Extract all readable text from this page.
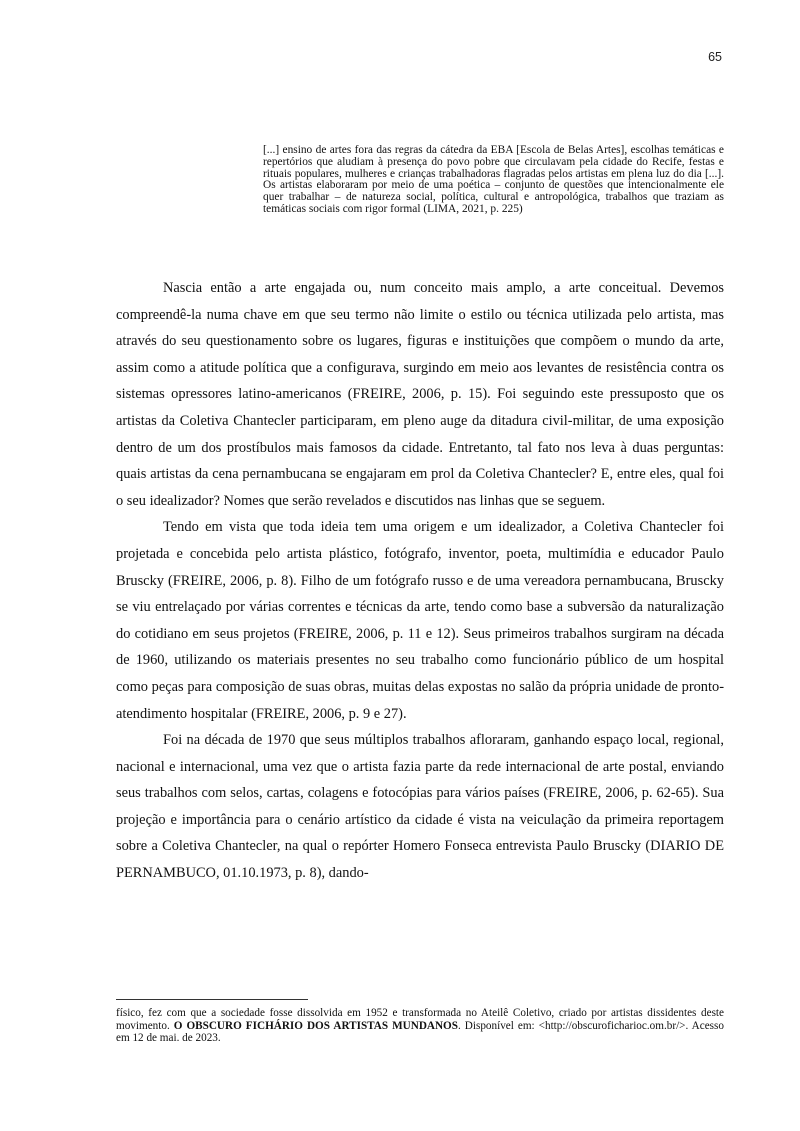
65

[...] ensino de artes fora das regras da cátedra da EBA [Escola de Belas Artes], escolhas temáticas e repertórios que aludiam à presença do povo pobre que circulavam pela cidade do Recife, festas e rituais populares, mulheres e crianças trabalhadoras flagradas pelos artistas em plena luz do dia [...]. Os artistas elaboraram por meio de uma poética – conjunto de questões que intencionalmente ele quer trabalhar – de natureza social, política, cultural e antropológica, trabalhos que traziam as temáticas sociais com rigor formal (LIMA, 2021, p. 225)

Nascia então a arte engajada ou, num conceito mais amplo, a arte conceitual. Devemos compreendê-la numa chave em que seu termo não limite o estilo ou técnica utilizada pelo artista, mas através do seu questionamento sobre os lugares, figuras e instituições que compõem o mundo da arte, assim como a atitude política que a configurava, surgindo em meio aos levantes de resistência contra os sistemas opressores latino-americanos (FREIRE, 2006, p. 15). Foi seguindo este pressuposto que os artistas da Coletiva Chantecler participaram, em pleno auge da ditadura civil-militar, de uma exposição dentro de um dos prostíbulos mais famosos da cidade. Entretanto, tal fato nos leva à duas perguntas: quais artistas da cena pernambucana se engajaram em prol da Coletiva Chantecler? E, entre eles, qual foi o seu idealizador? Nomes que serão revelados e discutidos nas linhas que se seguem.

Tendo em vista que toda ideia tem uma origem e um idealizador, a Coletiva Chantecler foi projetada e concebida pelo artista plástico, fotógrafo, inventor, poeta, multimídia e educador Paulo Bruscky (FREIRE, 2006, p. 8). Filho de um fotógrafo russo e de uma vereadora pernambucana, Bruscky se viu entrelaçado por várias correntes e técnicas da arte, tendo como base a subversão da naturalização do cotidiano em seus projetos (FREIRE, 2006, p. 11 e 12). Seus primeiros trabalhos surgiram na década de 1960, utilizando os materiais presentes no seu trabalho como funcionário público de um hospital como peças para composição de suas obras, muitas delas expostas no salão da própria unidade de pronto-atendimento hospitalar (FREIRE, 2006, p. 9 e 27).

Foi na década de 1970 que seus múltiplos trabalhos afloraram, ganhando espaço local, regional, nacional e internacional, uma vez que o artista fazia parte da rede internacional de arte postal, enviando seus trabalhos com selos, cartas, colagens e fotocópias para vários países (FREIRE, 2006, p. 62-65). Sua projeção e importância para o cenário artístico da cidade é vista na veiculação da primeira reportagem sobre a Coletiva Chantecler, na qual o repórter Homero Fonseca entrevista Paulo Bruscky (DIARIO DE PERNAMBUCO, 01.10.1973, p. 8), dando-

físico, fez com que a sociedade fosse dissolvida em 1952 e transformada no Ateilê Coletivo, criado por artistas dissidentes deste movimento. O OBSCURO FICHÁRIO DOS ARTISTAS MUNDANOS. Disponível em: <http://obscuroficharioc.om.br/>. Acesso em 12 de mai. de 2023.
